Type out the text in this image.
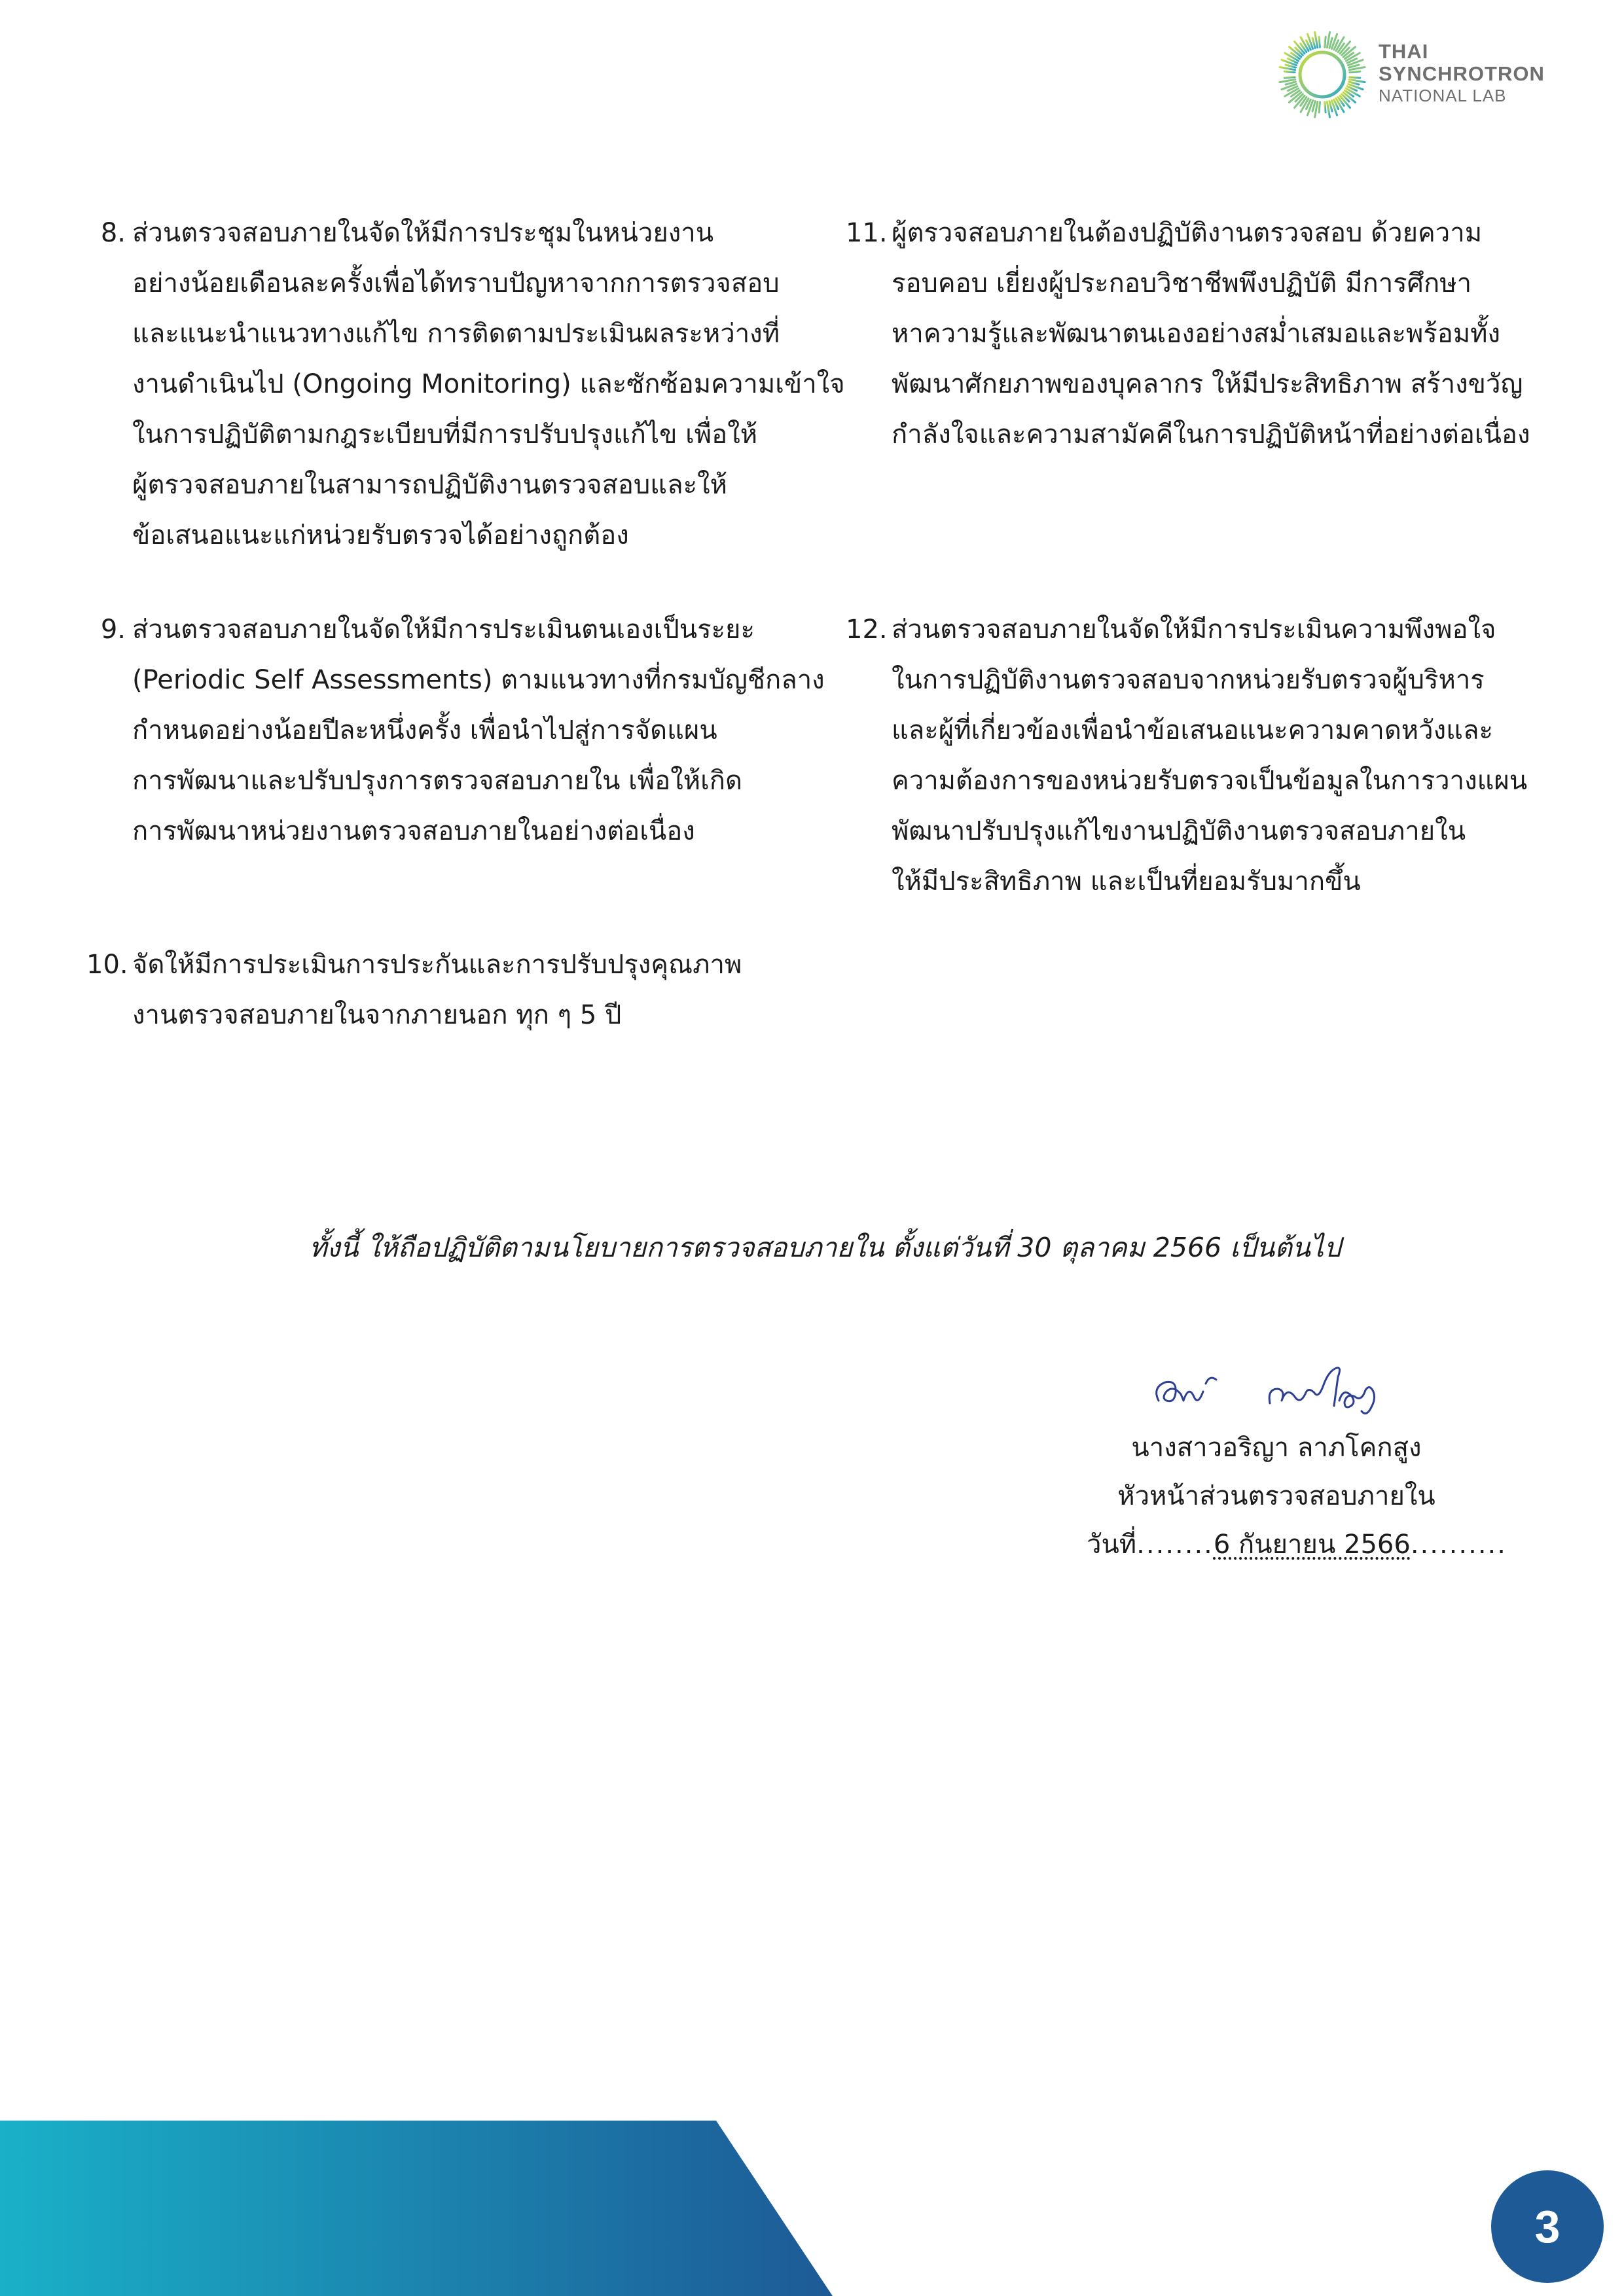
THAI
SYNCHROTRON
NATIONAL LAB
8. ส่วนตรวจสอบภายในจัดให้มีการประชุมในหน่วยงาน
อย่างน้อยเดือนละครั้งเพื่อได้ทราบปัญหาจากการตรวจสอบ
และแนะนำแนวทางแก้ไข การติดตามประเมินผลระหว่างที่
งานดำเนินไป (Ongoing Monitoring) และซักซ้อมความเข้าใจ
ในการปฏิบัติตามกฎระเบียบที่มีการปรับปรุงแก้ไข เพื่อให้
ผู้ตรวจสอบภายในสามารถปฏิบัติงานตรวจสอบและให้
ข้อเสนอแนะแก่หน่วยรับตรวจได้อย่างถูกต้อง
9. ส่วนตรวจสอบภายในจัดให้มีการประเมินตนเองเป็นระยะ
(Periodic Self Assessments) ตามแนวทางที่กรมบัญชีกลาง
กำหนดอย่างน้อยปีละหนึ่งครั้ง เพื่อนำไปสู่การจัดแผน
การพัฒนาและปรับปรุงการตรวจสอบภายใน เพื่อให้เกิด
การพัฒนาหน่วยงานตรวจสอบภายในอย่างต่อเนื่อง
10. จัดให้มีการประเมินการประกันและการปรับปรุงคุณภาพ
งานตรวจสอบภายในจากภายนอก ทุก ๆ 5 ปี
11. ผู้ตรวจสอบภายในต้องปฏิบัติงานตรวจสอบ ด้วยความ
รอบคอบ เยี่ยงผู้ประกอบวิชาชีพพึงปฏิบัติ มีการศึกษา
หาความรู้และพัฒนาตนเองอย่างสม่ำเสมอและพร้อมทั้ง
พัฒนาศักยภาพของบุคลากร ให้มีประสิทธิภาพ สร้างขวัญ
กำลังใจและความสามัคคีในการปฏิบัติหน้าที่อย่างต่อเนื่อง
12. ส่วนตรวจสอบภายในจัดให้มีการประเมินความพึงพอใจ
ในการปฏิบัติงานตรวจสอบจากหน่วยรับตรวจผู้บริหาร
และผู้ที่เกี่ยวข้องเพื่อนำข้อเสนอแนะความคาดหวังและ
ความต้องการของหน่วยรับตรวจเป็นข้อมูลในการวางแผน
พัฒนาปรับปรุงแก้ไขงานปฏิบัติงานตรวจสอบภายใน
ให้มีประสิทธิภาพ และเป็นที่ยอมรับมากขึ้น
ทั้งนี้ ให้ถือปฏิบัติตามนโยบายการตรวจสอบภายใน ตั้งแต่วันที่ 30 ตุลาคม 2566 เป็นต้นไป
นางสาวอริญา ลาภโคกสูง
หัวหน้าส่วนตรวจสอบภายใน
วันที่........6 กันยายน 2566..........
3
